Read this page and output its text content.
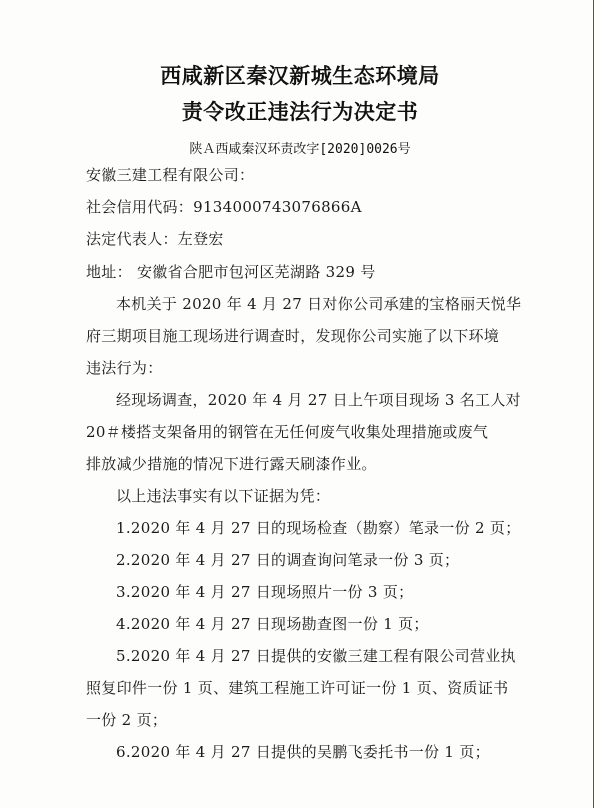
西咸新区秦汉新城生态环境局
责令改正违法行为决定书
陕Ａ西咸秦汉环责改字[2020]0026号
安徽三建工程有限公司：
社会信用代码：9134000743076866A
法定代表人：左登宏
地址： 安徽省合肥市包河区芜湖路 329 号
本机关于 2020 年 4 月 27 日对你公司承建的宝格丽天悦华
府三期项目施工现场进行调查时，发现你公司实施了以下环境
违法行为：
经现场调查，2020 年 4 月 27 日上午项目现场 3 名工人对
20＃楼搭支架备用的钢管在无任何废气收集处理措施或废气
排放减少措施的情况下进行露天刷漆作业。
以上违法事实有以下证据为凭：
1.2020 年 4 月 27 日的现场检查（勘察）笔录一份 2 页；
2.2020 年 4 月 27 日的调查询问笔录一份 3 页；
3.2020 年 4 月 27 日现场照片一份 3 页；
4.2020 年 4 月 27 日现场勘查图一份 1 页；
5.2020 年 4 月 27 日提供的安徽三建工程有限公司营业执
照复印件一份 1 页、建筑工程施工许可证一份 1 页、资质证书
一份 2 页；
6.2020 年 4 月 27 日提供的吴鹏飞委托书一份 1 页；
